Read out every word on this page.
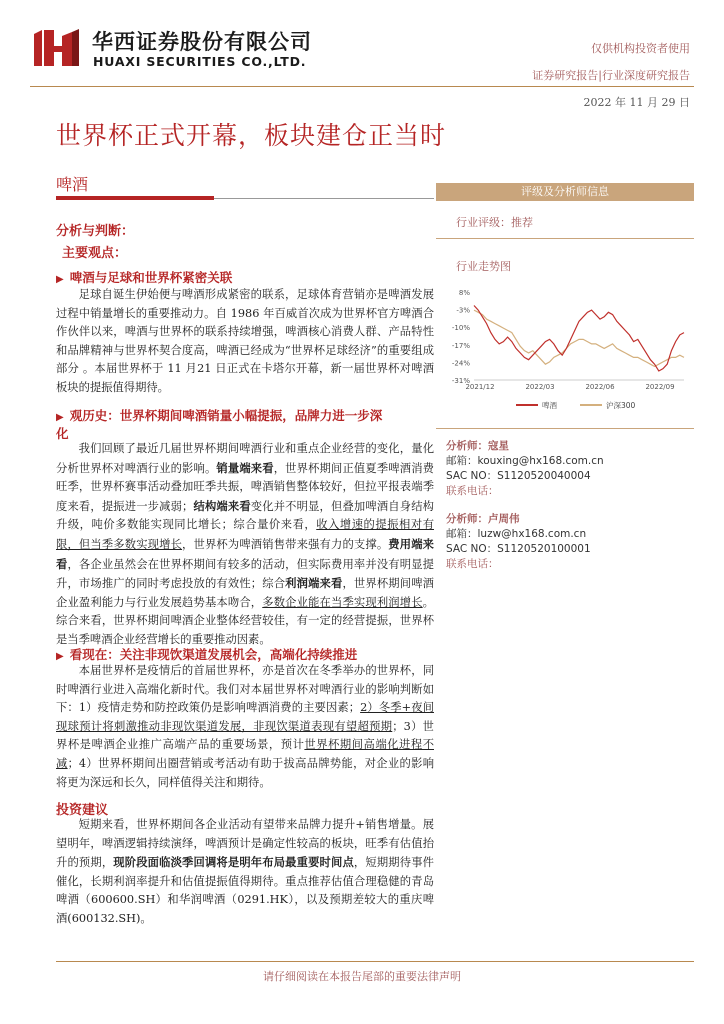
华西证券股份有限公司
HUAXI SECURITIES CO.,LTD.
仅供机构投资者使用
证券研究报告|行业深度研究报告
2022 年 11 月 29 日
世界杯正式开幕，板块建仓正当时
啤酒
分析与判断：
主要观点：
▶ 啤酒与足球和世界杯紧密关联

足球自诞生伊始便与啤酒形成紧密的联系，足球体育营销亦是啤酒发展过程中销量增长的重要推动力。自 1986 年百威首次成为世界杯官方啤酒合作伙伴以来，啤酒与世界杯的联系持续增强，啤酒核心消费人群、产品特性和品牌精神与世界杯契合度高，啤酒已经成为“世界杯足球经济”的重要组成部分 。本届世界杯于 11 月21 日正式在卡塔尔开幕，新一届世界杯对啤酒板块的提振值得期待。

▶ 观历史：世界杯期间啤酒销量小幅提振，品牌力进一步深
化

我们回顾了最近几届世界杯期间啤酒行业和重点企业经营的变化，量化分析世界杯对啤酒行业的影响。销量端来看，世界杯期间正值夏季啤酒消费旺季，世界杯赛事活动叠加旺季共振，啤酒销售整体较好，但拉平报表端季度来看，提振进一步减弱；结构端来看变化并不明显，但叠加啤酒自身结构升级，吨价多数能实现同比增长；综合量价来看，收入增速的提振相对有限，但当季多数实现增长，世界杯为啤酒销售带来强有力的支撑。费用端来看，各企业虽然会在世界杯期间有较多的活动，但实际费用率并没有明显提升，市场推广的同时考虑投放的有效性；综合利润端来看，世界杯期间啤酒企业盈利能力与行业发展趋势基本吻合，多数企业能在当季实现利润增长。综合来看，世界杯期间啤酒企业整体经营较佳，有一定的经营提振，世界杯是当季啤酒企业经营增长的重要推动因素。

▶ 看现在：关注非现饮渠道发展机会，高端化持续推进

本届世界杯是疫情后的首届世界杯，亦是首次在冬季举办的世界杯，同时啤酒行业进入高端化新时代。我们对本届世界杯对啤酒行业的影响判断如下：1）疫情走势和防控政策仍是影响啤酒消费的主要因素；2）冬季+夜间现球预计将刺激推动非现饮渠道发展，非现饮渠道表现有望超预期；3）世界杯是啤酒企业推广高端产品的重要场景，预计世界杯期间高端化进程不减；4）世界杯期间出圈营销或考活动有助于拔高品牌势能，对企业的影响将更为深远和长久，同样值得关注和期待。

投资建议

短期来看，世界杯期间各企业活动有望带来品牌力提升+销售增量。展望明年，啤酒逻辑持续演绎，啤酒预计是确定性较高的板块，旺季有估值抬升的预期，现阶段面临淡季回调将是明年布局最重要时间点，短期期待事件催化，长期利润率提升和估值提振值得期待。重点推荐估值合理稳健的青岛啤酒（600600.SH）和华润啤酒（0291.HK），以及预期差较大的重庆啤酒(600132.SH)。

评级及分析师信息
行业评级：推荐
行业走势图
8%
-3%
-10%
-17%
-24%
-31%
2021/12	2022/03	2022/06	2022/09
啤酒	沪深300
分析师：寇星
邮箱：kouxing@hx168.com.cn
SAC NO：S1120520040004
联系电话：
分析师：卢周伟
邮箱：luzw@hx168.com.cn
SAC NO：S1120520100001
联系电话：
请仔细阅读在本报告尾部的重要法律声明
